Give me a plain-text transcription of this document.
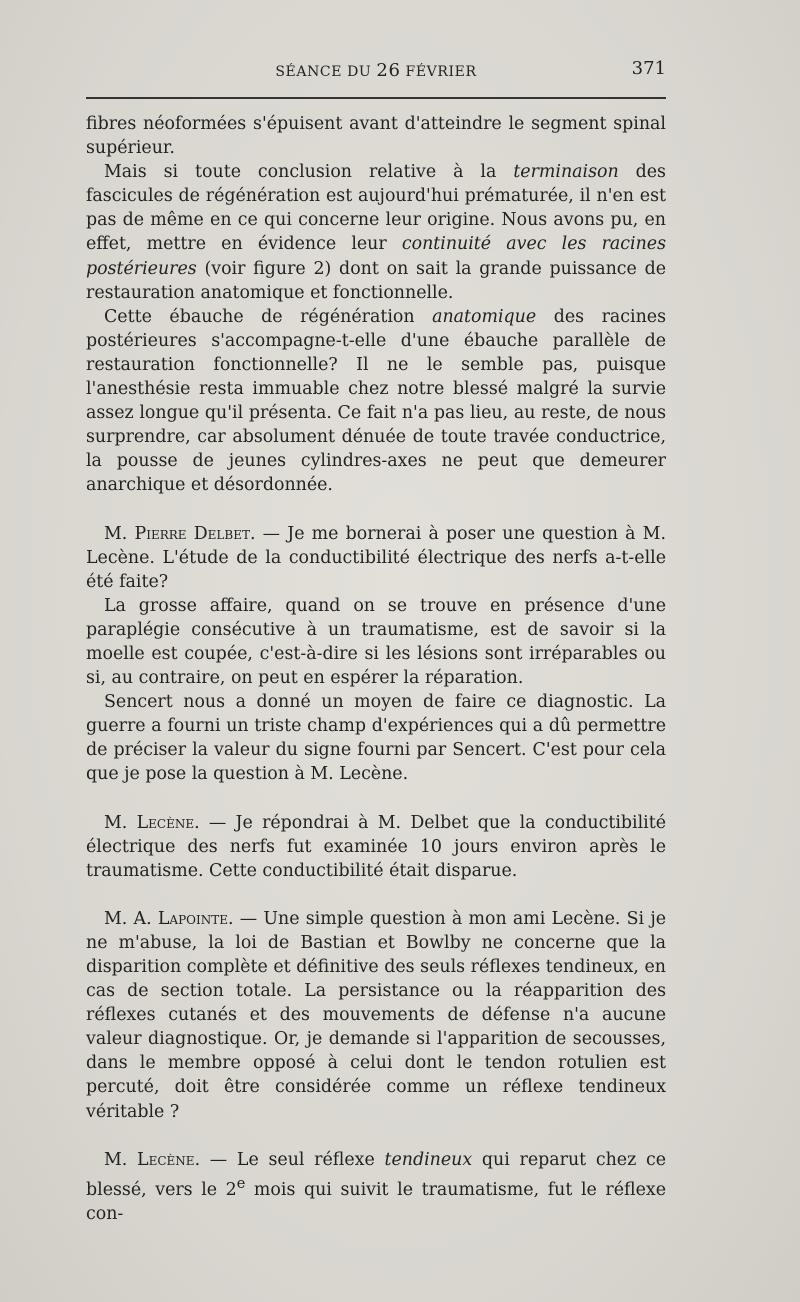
SÉANCE DU 26 FÉVRIER	371

fibres néoformées s'épuisent avant d'atteindre le segment spinal supérieur.

Mais si toute conclusion relative à la terminaison des fascicules de régénération est aujourd'hui prématurée, il n'en est pas de même en ce qui concerne leur origine. Nous avons pu, en effet, mettre en évidence leur continuité avec les racines postérieures (voir figure 2) dont on sait la grande puissance de restauration anatomique et fonctionnelle.

Cette ébauche de régénération anatomique des racines postérieures s'accompagne-t-elle d'une ébauche parallèle de restauration fonctionnelle? Il ne le semble pas, puisque l'anesthésie resta immuable chez notre blessé malgré la survie assez longue qu'il présenta. Ce fait n'a pas lieu, au reste, de nous surprendre, car absolument dénuée de toute travée conductrice, la pousse de jeunes cylindres-axes ne peut que demeurer anarchique et désordonnée.

M. Pierre Delbet. — Je me bornerai à poser une question à M. Lecène. L'étude de la conductibilité électrique des nerfs a-t-elle été faite?

La grosse affaire, quand on se trouve en présence d'une paraplégie consécutive à un traumatisme, est de savoir si la moelle est coupée, c'est-à-dire si les lésions sont irréparables ou si, au contraire, on peut en espérer la réparation.

Sencert nous a donné un moyen de faire ce diagnostic. La guerre a fourni un triste champ d'expériences qui a dû permettre de préciser la valeur du signe fourni par Sencert. C'est pour cela que je pose la question à M. Lecène.

M. Lecène. — Je répondrai à M. Delbet que la conductibilité électrique des nerfs fut examinée 10 jours environ après le traumatisme. Cette conductibilité était disparue.

M. A. Lapointe. — Une simple question à mon ami Lecène. Si je ne m'abuse, la loi de Bastian et Bowlby ne concerne que la disparition complète et définitive des seuls réflexes tendineux, en cas de section totale. La persistance ou la réapparition des réflexes cutanés et des mouvements de défense n'a aucune valeur diagnostique. Or, je demande si l'apparition de secousses, dans le membre opposé à celui dont le tendon rotulien est percuté, doit être considérée comme un réflexe tendineux véritable ?

M. Lecène. — Le seul réflexe tendineux qui reparut chez ce blessé, vers le 2e mois qui suivit le traumatisme, fut le réflexe con-
